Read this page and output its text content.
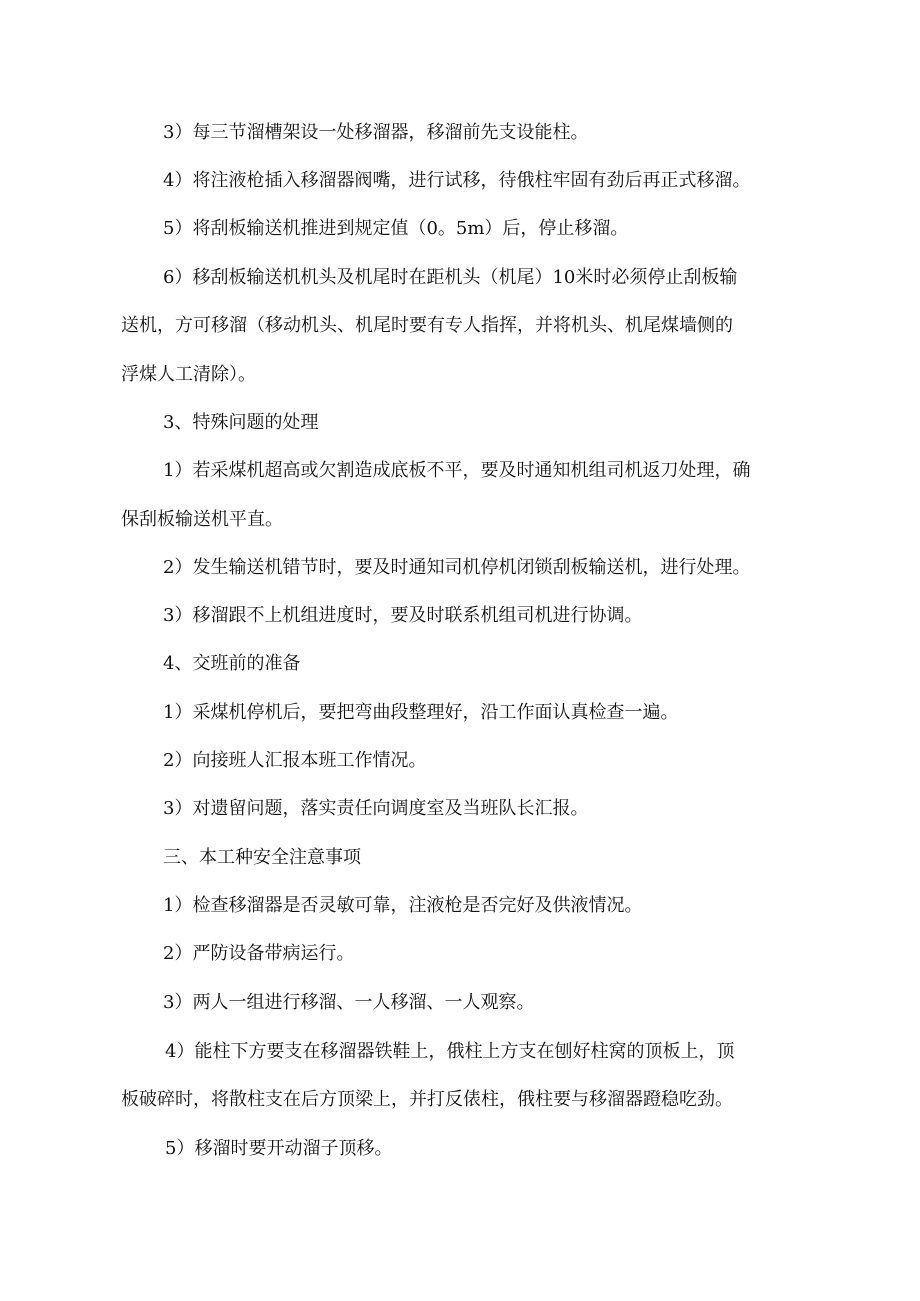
3）每三节溜槽架设一处移溜器，移溜前先支设能柱。
4）将注液枪插入移溜器阀嘴，进行试移，待俄柱牢固有劲后再正式移溜。
5）将刮板输送机推进到规定值（0。5m）后，停止移溜。
6）移刮板输送机机头及机尾时在距机头（机尾）10米时必须停止刮板输
送机，方可移溜（移动机头、机尾时要有专人指挥，并将机头、机尾煤墙侧的
浮煤人工清除）。
3、特殊问题的处理
1）若采煤机超高或欠割造成底板不平，要及时通知机组司机返刀处理，确
保刮板输送机平直。
2）发生输送机错节时，要及时通知司机停机闭锁刮板输送机，进行处理。
3）移溜跟不上机组进度时，要及时联系机组司机进行协调。
4、交班前的准备
1）采煤机停机后，要把弯曲段整理好，沿工作面认真检查一遍。
2）向接班人汇报本班工作情况。
3）对遗留问题，落实责任向调度室及当班队长汇报。
三、本工种安全注意事项
1）检查移溜器是否灵敏可靠，注液枪是否完好及供液情况。
2）严防设备带病运行。
3）两人一组进行移溜、一人移溜、一人观察。
4）能柱下方要支在移溜器铁鞋上，俄柱上方支在刨好柱窝的顶板上，顶
板破碎时，将散柱支在后方顶梁上，并打反俵柱，俄柱要与移溜器蹬稳吃劲。
5）移溜时要开动溜子顶移。
